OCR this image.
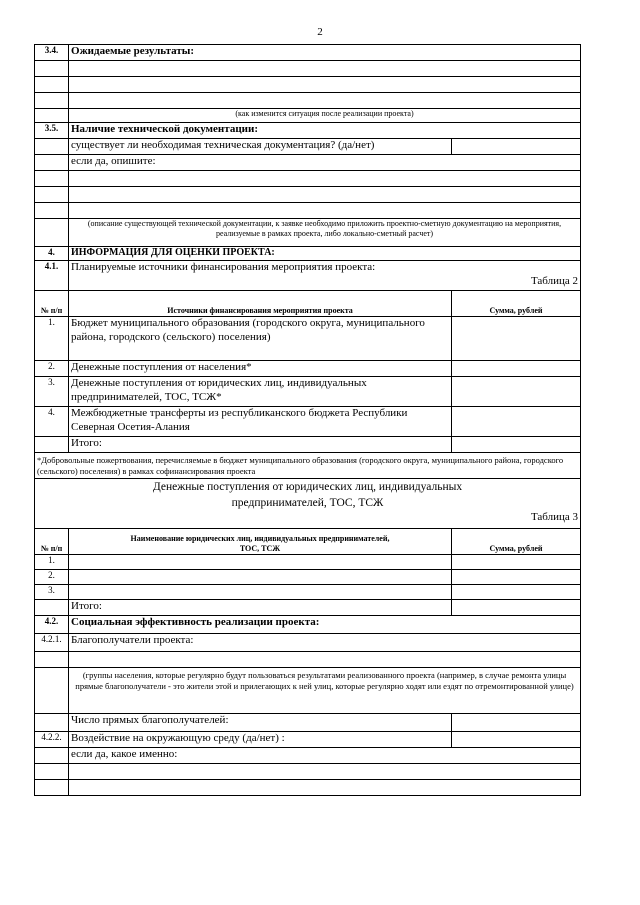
2
3.4.	Ожидаемые результаты:	

	(как изменится ситуация после реализации проекта)	
3.5.	Наличие технической документации:	
	существует ли необходимая техническая документация? (да/нет)	
	если да, опишите:	

	(описание существующей технической документации, к заявке необходимо приложить проектно-сметную документацию на мероприятия, реализуемые в рамках проекта, либо локально-сметный расчет)	
4.	ИНФОРМАЦИЯ ДЛЯ ОЦЕНКИ ПРОЕКТА:	
4.1.	Планируемые источники финансирования мероприятия проекта:
Таблица 2	

№ п/п	Источники финансирования мероприятия проекта	Сумма, рублей
1.	Бюджет муниципального образования (городского округа, муниципального района, городского (сельского) поселения)	
2.	Денежные поступления от населения*	
3.	Денежные поступления от юридических лиц, индивидуальных предпринимателей, ТОС, ТСЖ*	
4.	Межбюджетные трансферты из республиканского бюджета Республики Северная Осетия-Алания	
	Итого:	
*Добровольные пожертвования, перечисляемые в бюджет муниципального образования (городского округа, муниципального района, городского (сельского) поселения) в рамках софинансирования проекта		

Денежные поступления от юридических лиц, индивидуальных предпринимателей, ТОС, ТСЖ
Таблица 3		

№ п/п	Наименование юридических лиц, индивидуальных предпринимателей, ТОС, ТСЖ	Сумма, рублей
1.		
2.		
3.		
	Итого:	
4.2.	Социальная эффективность реализации проекта:	
4.2.1.	Благополучатели проекта:	

	(группы населения, которые регулярно будут пользоваться результатами реализованного проекта (например, в случае ремонта улицы прямые благополучатели - это жители этой и прилегающих к ней улиц, которые регулярно ходят или ездят по отремонтированной улице)	
	Число прямых благополучателей:	
4.2.2.	Воздействие на окружающую среду (да/нет) :	
	если да, какое именно:	
